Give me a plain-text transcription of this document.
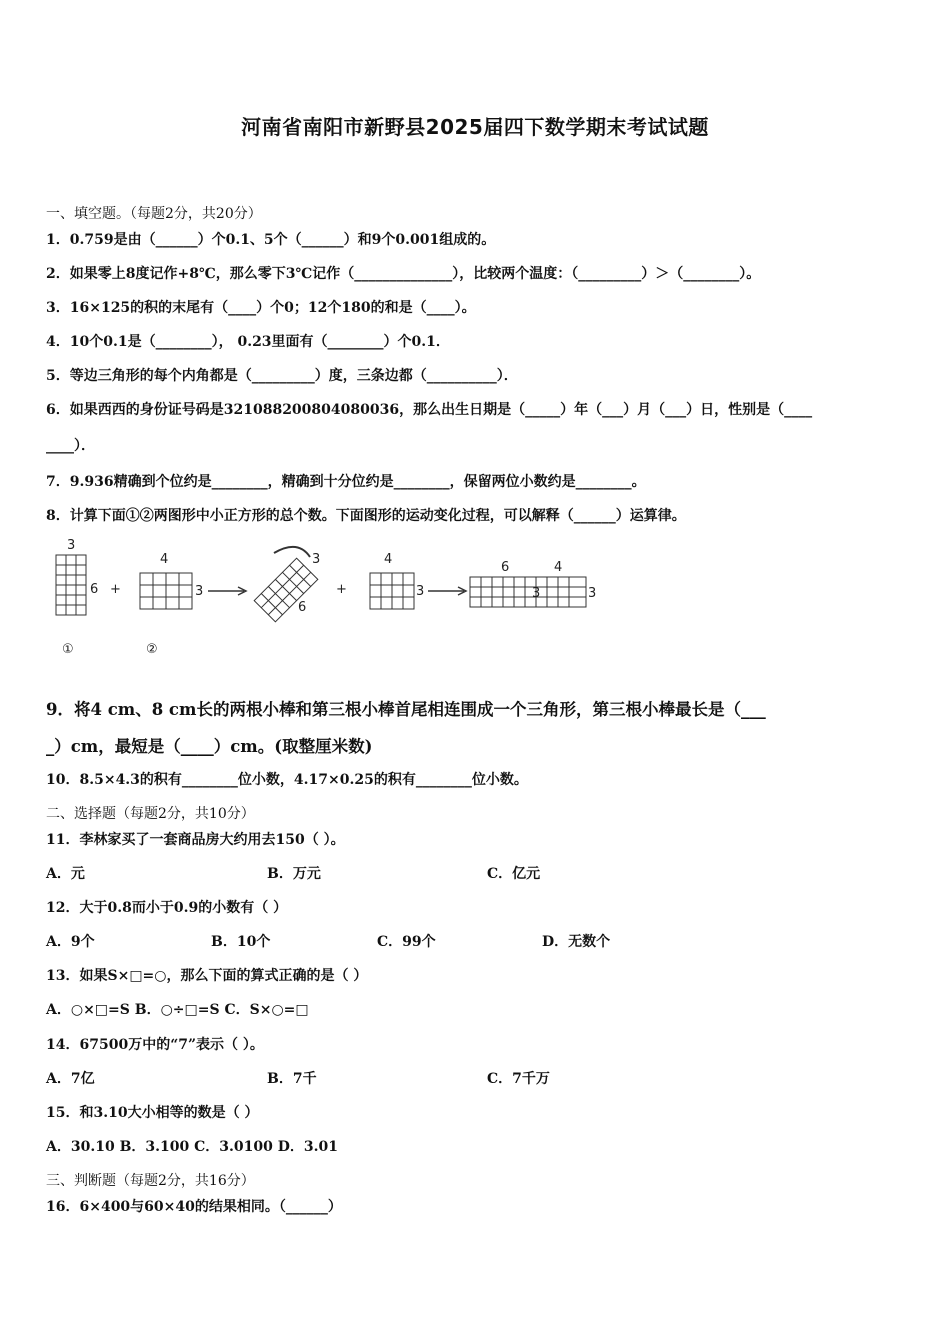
河南省南阳市新野县2025届四下数学期末考试试题
一、填空题。（每题2分，共20分）
1．0.759是由（______）个0.1、5个（______）和9个0.001组成的。
2．如果零上8度记作+8℃，那么零下3℃记作（______________），比较两个温度：（_________）＞（________）。
3．16×125的积的末尾有（____）个0；12个180的和是（____）。
4．10个0.1是（________）， 0.23里面有（________）个0.1．
5．等边三角形的每个内角都是（_________）度，三条边都（__________）．
6．如果西西的身份证号码是321088200804080036，那么出生日期是（_____）年（___）月（___）日，性别是（____
____）．
7．9.936精确到个位约是________，精确到十分位约是________，保留两位小数约是________。
8．计算下面①②两图形中小正方形的总个数。下面图形的运动变化过程，可以解释（______）运算律。
3
6 +
4
3
3
6
+
4
3
6	4
3	3
①	②
9．将4 cm、8 cm长的两根小棒和第三根小棒首尾相连围成一个三角形，第三根小棒最长是（___
_）cm，最短是（____）cm。(取整厘米数)
10．8.5×4.3的积有________位小数，4.17×0.25的积有________位小数。
二、选择题（每题2分，共10分）
11．李林家买了一套商品房大约用去150（ ）。
A．元	B．万元	C．亿元
12．大于0.8而小于0.9的小数有（ ）
A．9个	B．10个	C．99个	D．无数个
13．如果S×□=○，那么下面的算式正确的是（ ）
A．○×□=S B．○÷□=S C．S×○=□
14．67500万中的“7”表示（ ）。
A．7亿	B．7千	C．7千万
15．和3.10大小相等的数是（ ）
A．30.10 B．3.100 C．3.0100 D．3.01
三、判断题（每题2分，共16分）
16．6×400与60×40的结果相同。（______）
